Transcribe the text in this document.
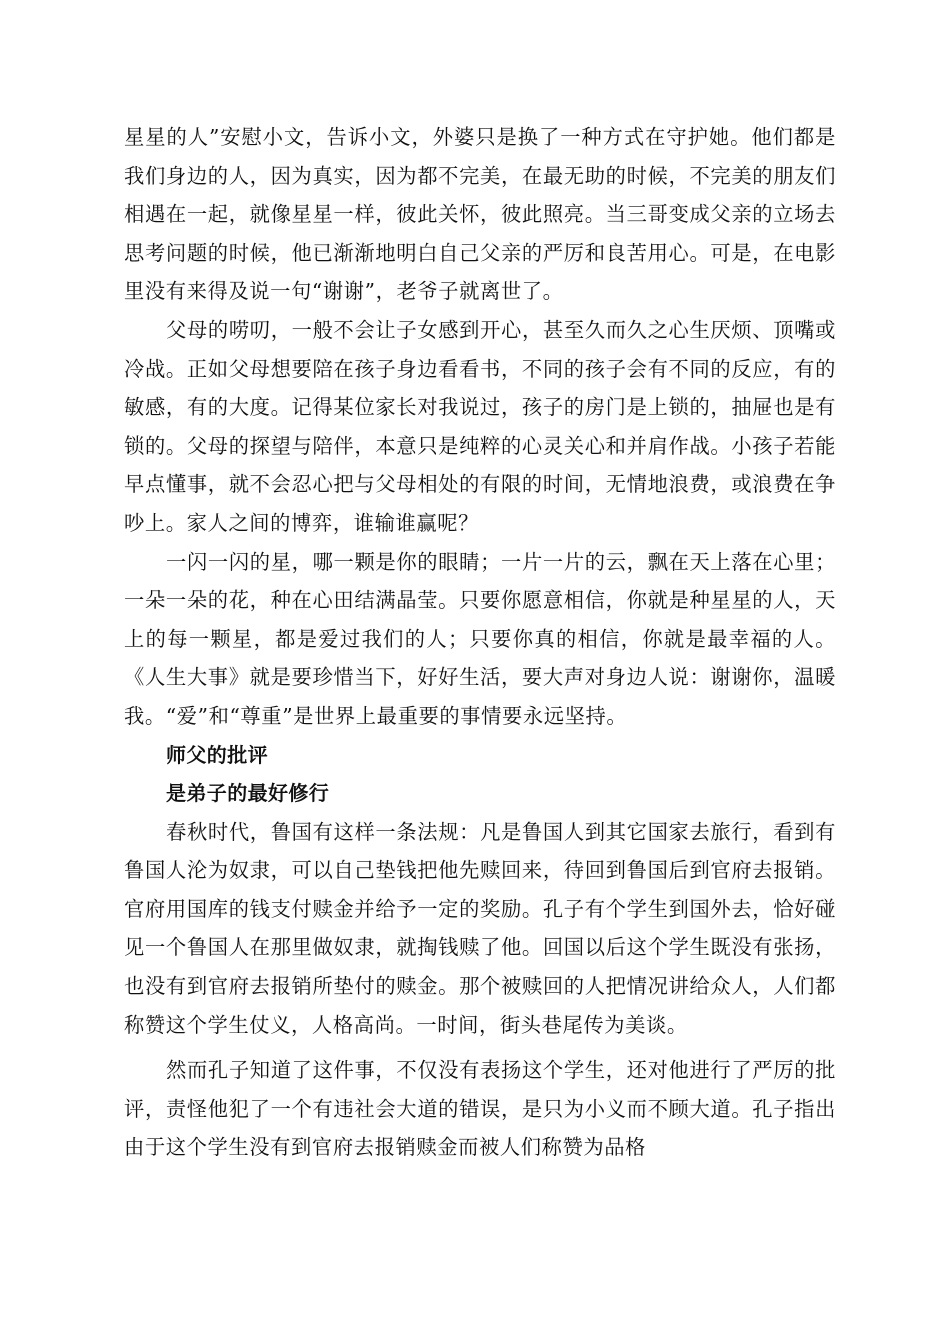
星星的人”安慰小文，告诉小文，外婆只是换了一种方式在守护她。他们都是我们身边的人，因为真实，因为都不完美，在最无助的时候，不完美的朋友们相遇在一起，就像星星一样，彼此关怀，彼此照亮。当三哥变成父亲的立场去思考问题的时候，他已渐渐地明白自己父亲的严厉和良苦用心。可是，在电影里没有来得及说一句“谢谢”，老爷子就离世了。

父母的唠叨，一般不会让子女感到开心，甚至久而久之心生厌烦、顶嘴或冷战。正如父母想要陪在孩子身边看看书，不同的孩子会有不同的反应，有的敏感，有的大度。记得某位家长对我说过，孩子的房门是上锁的，抽屉也是有锁的。父母的探望与陪伴，本意只是纯粹的心灵关心和并肩作战。小孩子若能早点懂事，就不会忍心把与父母相处的有限的时间，无情地浪费，或浪费在争吵上。家人之间的博弈，谁输谁赢呢？

一闪一闪的星，哪一颗是你的眼睛；一片一片的云，飘在天上落在心里；一朵一朵的花，种在心田结满晶莹。只要你愿意相信，你就是种星星的人，天上的每一颗星，都是爱过我们的人；只要你真的相信，你就是最幸福的人。《人生大事》就是要珍惜当下，好好生活，要大声对身边人说：谢谢你，温暖我。“爱”和“尊重”是世界上最重要的事情要永远坚持。

师父的批评

是弟子的最好修行

春秋时代，鲁国有这样一条法规：凡是鲁国人到其它国家去旅行，看到有鲁国人沦为奴隶，可以自己垫钱把他先赎回来，待回到鲁国后到官府去报销。官府用国库的钱支付赎金并给予一定的奖励。孔子有个学生到国外去，恰好碰见一个鲁国人在那里做奴隶，就掏钱赎了他。回国以后这个学生既没有张扬，也没有到官府去报销所垫付的赎金。那个被赎回的人把情况讲给众人，人们都称赞这个学生仗义，人格高尚。一时间，街头巷尾传为美谈。

然而孔子知道了这件事，不仅没有表扬这个学生，还对他进行了严厉的批评，责怪他犯了一个有违社会大道的错误，是只为小义而不顾大道。孔子指出由于这个学生没有到官府去报销赎金而被人们称赞为品格
